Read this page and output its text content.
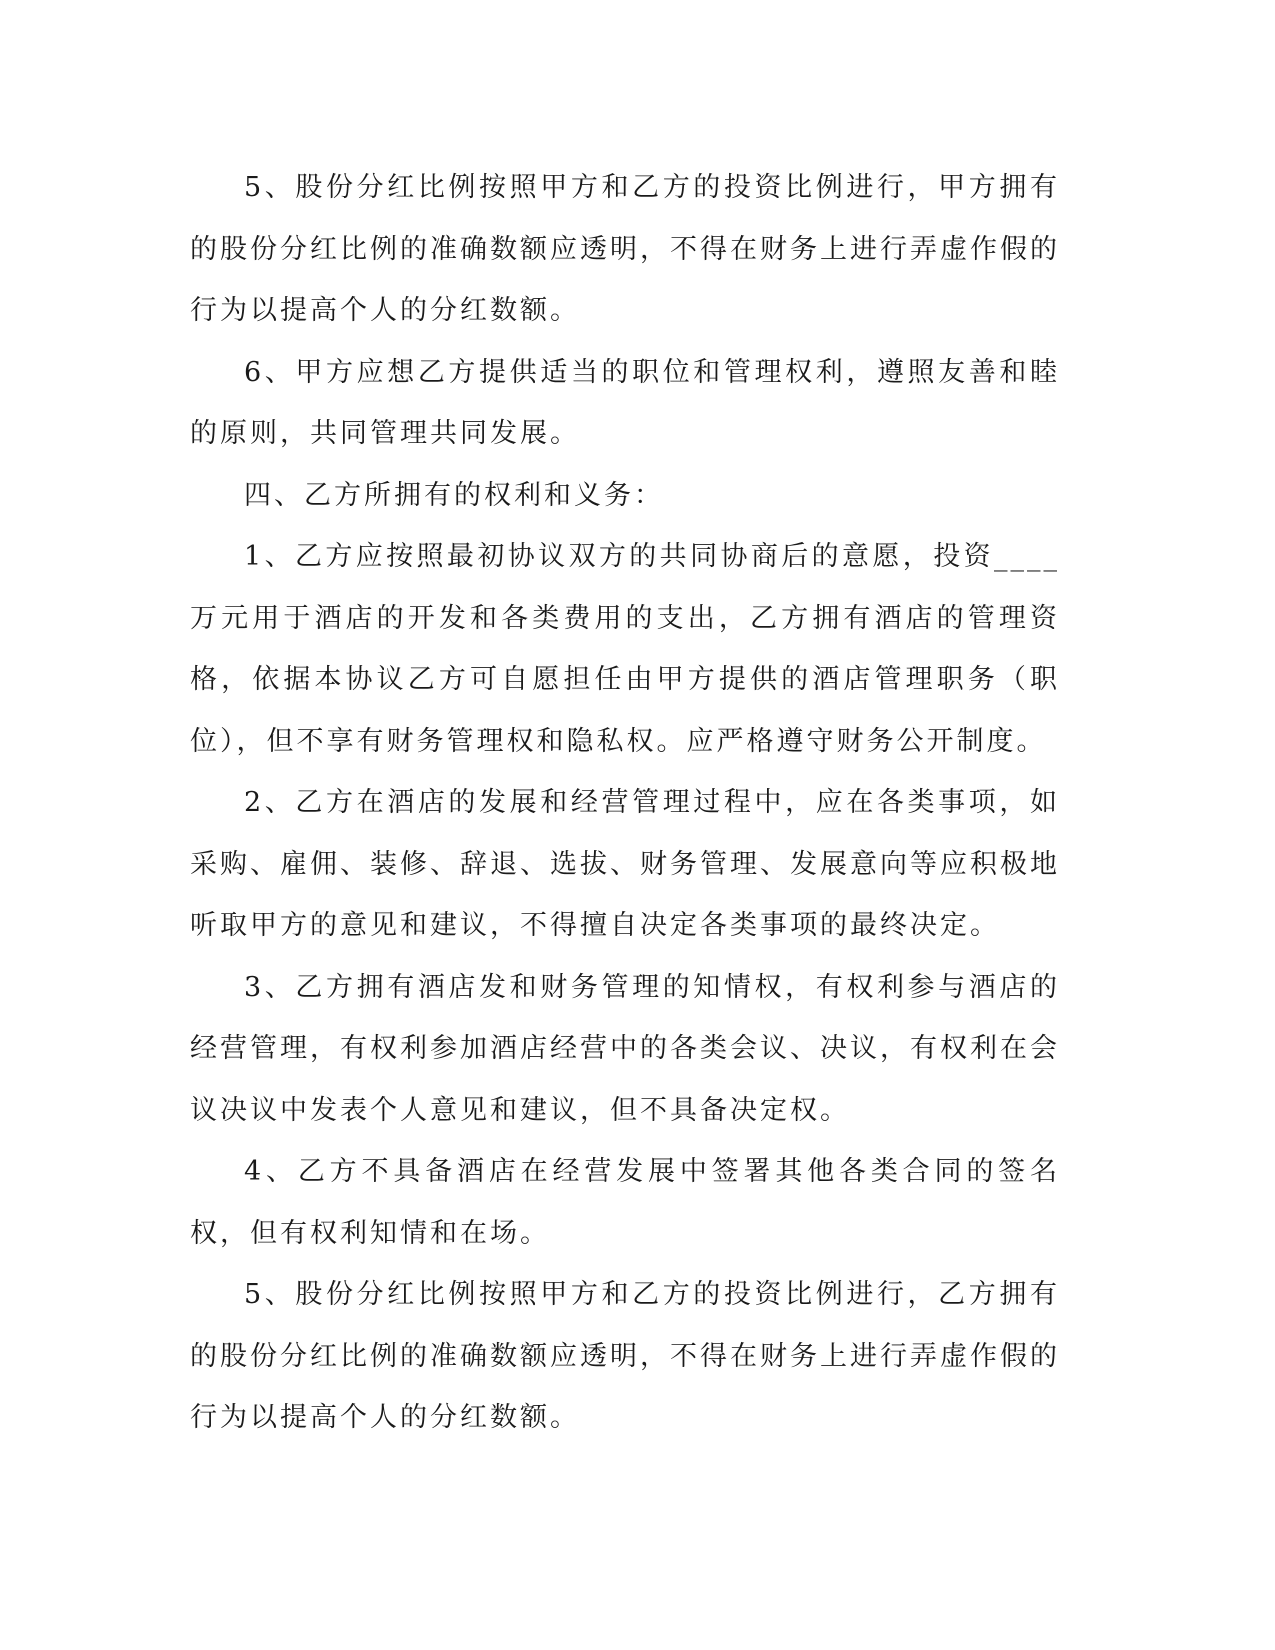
5、股份分红比例按照甲方和乙方的投资比例进行，甲方拥有的股份分红比例的准确数额应透明，不得在财务上进行弄虚作假的行为以提高个人的分红数额。

6、甲方应想乙方提供适当的职位和管理权利，遵照友善和睦的原则，共同管理共同发展。

四、乙方所拥有的权利和义务：

1、乙方应按照最初协议双方的共同协商后的意愿，投资____万元用于酒店的开发和各类费用的支出，乙方拥有酒店的管理资格，依据本协议乙方可自愿担任由甲方提供的酒店管理职务（职位），但不享有财务管理权和隐私权。应严格遵守财务公开制度。

2、乙方在酒店的发展和经营管理过程中，应在各类事项，如采购、雇佣、装修、辞退、选拔、财务管理、发展意向等应积极地听取甲方的意见和建议，不得擅自决定各类事项的最终决定。

3、乙方拥有酒店发和财务管理的知情权，有权利参与酒店的经营管理，有权利参加酒店经营中的各类会议、决议，有权利在会议决议中发表个人意见和建议，但不具备决定权。

4、乙方不具备酒店在经营发展中签署其他各类合同的签名权，但有权利知情和在场。

5、股份分红比例按照甲方和乙方的投资比例进行，乙方拥有的股份分红比例的准确数额应透明，不得在财务上进行弄虚作假的行为以提高个人的分红数额。
